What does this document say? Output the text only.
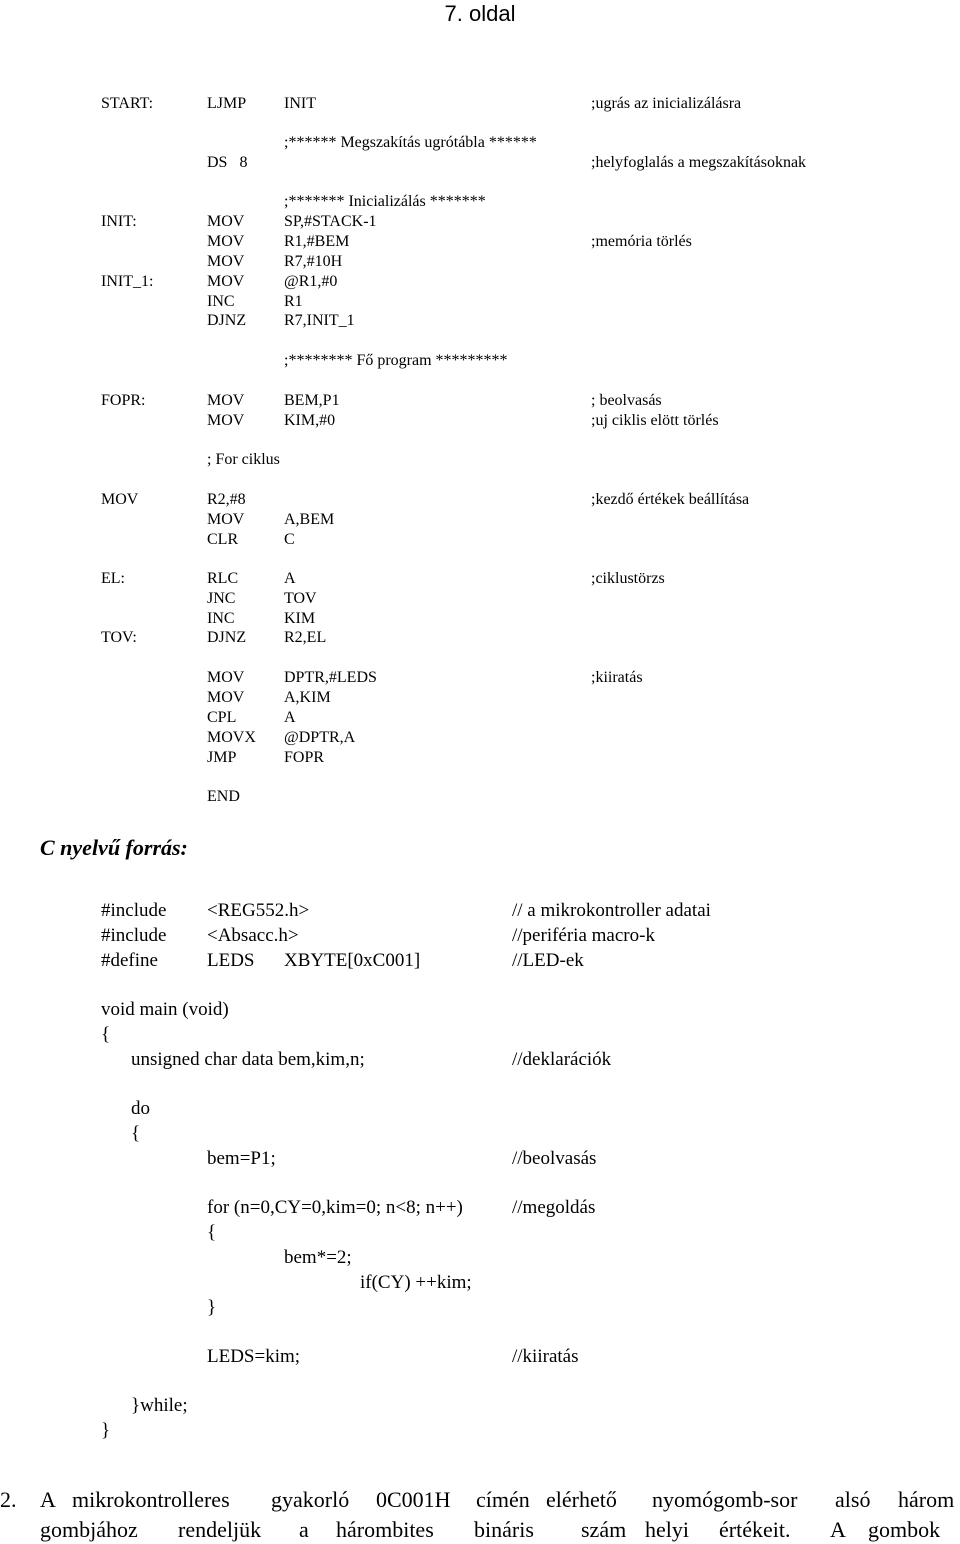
7. oldal
START:	LJMP INIT	;ugrás az inicializálásra
;****** Megszakítás ugrótábla ******
DS   8	;helyfoglalás a megszakításoknak
;******* Inicializálás *******
INIT:	MOV SP,#STACK-1
MOV R1,#BEM	;memória törlés
MOV R7,#10H
INIT_1:	MOV @R1,#0
INC	R1
DJNZ R7,INIT_1
;******** Fő program *********
FOPR:	MOV BEM,P1	; beolvasás
MOV KIM,#0	;uj ciklis elött törlés
; For ciklus
MOV	R2,#8	;kezdő értékek beállítása
MOV A,BEM
CLR	C
EL:	RLC	A	;ciklustörzs
JNC	TOV
INC	KIM
TOV:	DJNZ R2,EL
MOV DPTR,#LEDS	;kiiratás
MOV A,KIM
CPL	A
MOVX @DPTR,A
JMP	FOPR
END
C nyelvű forrás:
#include <REG552.h>	// a mikrokontroller adatai
#include <Absacc.h>	//periféria macro-k
#define	LEDS XBYTE[0xC001]	//LED-ek
void main (void)
{
unsigned char data bem,kim,n;	//deklarációk
do
{
bem=P1;	//beolvasás
for (n=0,CY=0,kim=0; n<8; n++)	//megoldás
{
bem*=2;
if(CY) ++kim;
}
LEDS=kim;	//kiiratás
}while;
}
2. A mikrokontrolleres gyakorló 0C001H címén elérhető nyomógomb-sor alsó három
gombjához rendeljük a hárombites bináris szám helyi értékeit. A gombok
